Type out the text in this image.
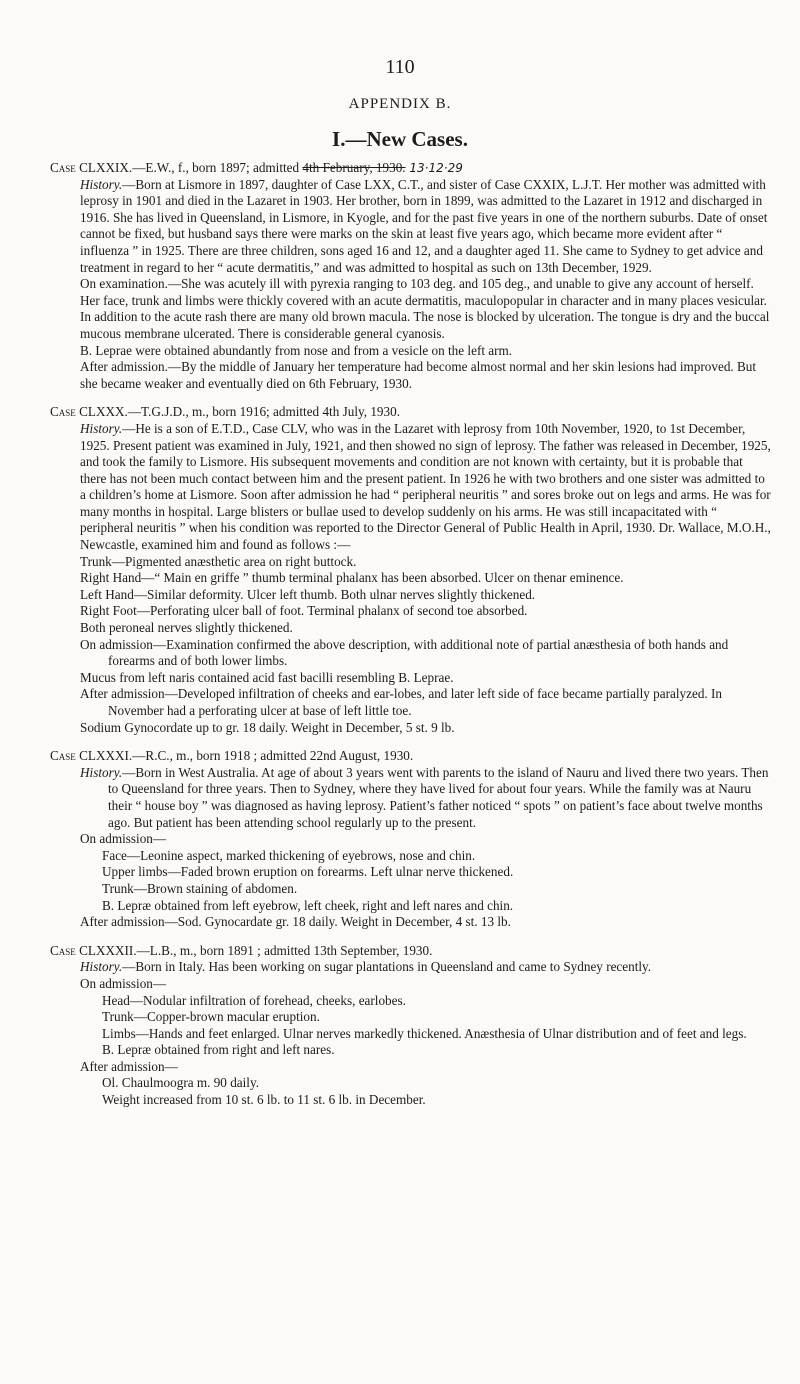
110
APPENDIX B.
I.—New Cases.

Case CLXXIX.—E.W., f., born 1897; admitted 4th February, 1930. 13·12·29

History.—Born at Lismore in 1897, daughter of Case LXX, C.T., and sister of Case CXXIX, L.J.T. Her mother was admitted with leprosy in 1901 and died in the Lazaret in 1903. Her brother, born in 1899, was admitted to the Lazaret in 1912 and discharged in 1916. She has lived in Queensland, in Lismore, in Kyogle, and for the past five years in one of the northern suburbs. Date of onset cannot be fixed, but husband says there were marks on the skin at least five years ago, which became more evident after “ influenza ” in 1925. There are three children, sons aged 16 and 12, and a daughter aged 11. She came to Sydney to get advice and treatment in regard to her “ acute dermatitis,” and was admitted to hospital as such on 13th December, 1929.

On examination.—She was acutely ill with pyrexia ranging to 103 deg. and 105 deg., and unable to give any account of herself. Her face, trunk and limbs were thickly covered with an acute dermatitis, maculopopular in character and in many places vesicular. In addition to the acute rash there are many old brown macula. The nose is blocked by ulceration. The tongue is dry and the buccal mucous membrane ulcerated. There is considerable general cyanosis.

B. Leprae were obtained abundantly from nose and from a vesicle on the left arm.

After admission.—By the middle of January her temperature had become almost normal and her skin lesions had improved. But she became weaker and eventually died on 6th February, 1930.

Case CLXXX.—T.G.J.D., m., born 1916; admitted 4th July, 1930.

History.—He is a son of E.T.D., Case CLV, who was in the Lazaret with leprosy from 10th November, 1920, to 1st December, 1925. Present patient was examined in July, 1921, and then showed no sign of leprosy. The father was released in December, 1925, and took the family to Lismore. His subsequent movements and condition are not known with certainty, but it is probable that there has not been much contact between him and the present patient. In 1926 he with two brothers and one sister was admitted to a children’s home at Lismore. Soon after admission he had “ peripheral neuritis ” and sores broke out on legs and arms. He was for many months in hospital. Large blisters or bullae used to develop suddenly on his arms. He was still incapacitated with “ peripheral neuritis ” when his condition was reported to the Director General of Public Health in April, 1930. Dr. Wallace, M.O.H., Newcastle, examined him and found as follows :—

Trunk—Pigmented anæsthetic area on right buttock.

Right Hand—“ Main en griffe ” thumb terminal phalanx has been absorbed. Ulcer on thenar eminence.

Left Hand—Similar deformity. Ulcer left thumb. Both ulnar nerves slightly thickened.

Right Foot—Perforating ulcer ball of foot. Terminal phalanx of second toe absorbed.

Both peroneal nerves slightly thickened.

On admission—Examination confirmed the above description, with additional note of partial anæsthesia of both hands and forearms and of both lower limbs.

Mucus from left naris contained acid fast bacilli resembling B. Leprae.

After admission—Developed infiltration of cheeks and ear-lobes, and later left side of face became partially paralyzed. In November had a perforating ulcer at base of left little toe.

Sodium Gynocordate up to gr. 18 daily. Weight in December, 5 st. 9 lb.

Case CLXXXI.—R.C., m., born 1918 ; admitted 22nd August, 1930.

History.—Born in West Australia. At age of about 3 years went with parents to the island of Nauru and lived there two years. Then to Queensland for three years. Then to Sydney, where they have lived for about four years. While the family was at Nauru their “ house boy ” was diagnosed as having leprosy. Patient’s father noticed “ spots ” on patient’s face about twelve months ago. But patient has been attending school regularly up to the present.

On admission—

Face—Leonine aspect, marked thickening of eyebrows, nose and chin.

Upper limbs—Faded brown eruption on forearms. Left ulnar nerve thickened.

Trunk—Brown staining of abdomen.

B. Lepræ obtained from left eyebrow, left cheek, right and left nares and chin.

After admission—Sod. Gynocardate gr. 18 daily. Weight in December, 4 st. 13 lb.

Case CLXXXII.—L.B., m., born 1891 ; admitted 13th September, 1930.

History.—Born in Italy. Has been working on sugar plantations in Queensland and came to Sydney recently.

On admission—

Head—Nodular infiltration of forehead, cheeks, earlobes.

Trunk—Copper-brown macular eruption.

Limbs—Hands and feet enlarged. Ulnar nerves markedly thickened. Anæsthesia of Ulnar distribution and of feet and legs.

B. Lepræ obtained from right and left nares.

After admission—

Ol. Chaulmoogra m. 90 daily.

Weight increased from 10 st. 6 lb. to 11 st. 6 lb. in December.
